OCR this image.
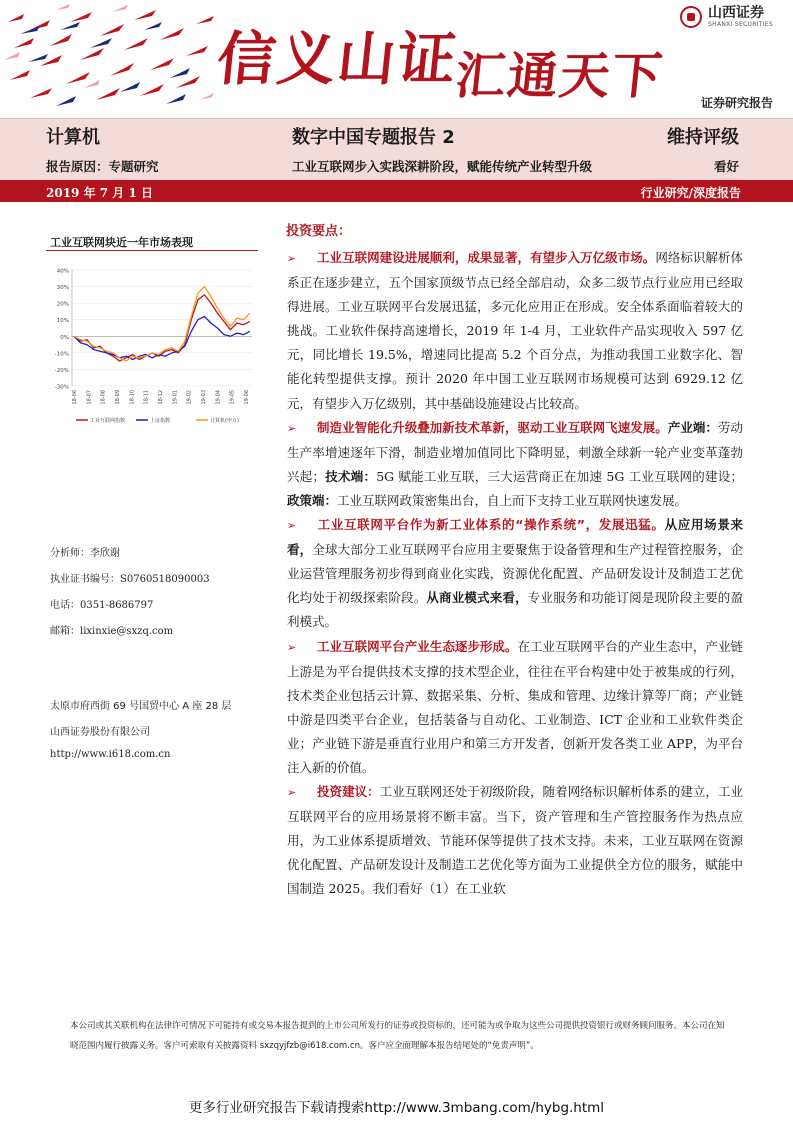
信义山证汇通天下
山西证券
SHANXI SECURITIES
证券研究报告
计算机	数字中国专题报告 2	维持评级
报告原因：专题研究	工业互联网步入实践深耕阶段，赋能传统产业转型升级	看好
2019 年 7 月 1 日	行业研究/深度报告
工业互联网块近一年市场表现
40%
30%
20%
10%
0%
-10%
-20%
-30%
18-06 18-07 18-08 18-09 18-10 18-11 18-12 19-01 19-02 19-03 19-04 19-05 19-06
工业互联网指数	上证指数	计算机(申万)
分析师：李欣谢
执业证书编号：S0760518090003
电话：0351-8686797
邮箱：lixinxie@sxzq.com
太原市府西街 69 号国贸中心 A 座 28 层
山西证券股份有限公司
http://www.i618.com.cn
投资要点：
➢ 工业互联网建设进展顺利，成果显著，有望步入万亿级市场。网络标识解析体系正在逐步建立，五个国家顶级节点已经全部启动，众多二级节点行业应用已经取得进展。工业互联网平台发展迅猛，多元化应用正在形成。安全体系面临着较大的挑战。工业软件保持高速增长，2019 年 1-4 月，工业软件产品实现收入 597 亿元，同比增长 19.5%，增速同比提高 5.2 个百分点，为推动我国工业数字化、智能化转型提供支撑。预计 2020 年中国工业互联网市场规模可达到 6929.12 亿元，有望步入万亿级别，其中基础设施建设占比较高。
➢ 制造业智能化升级叠加新技术革新，驱动工业互联网飞速发展。产业端：劳动生产率增速逐年下滑，制造业增加值同比下降明显，刺激全球新一轮产业变革蓬勃兴起；技术端：5G 赋能工业互联，三大运营商正在加速 5G 工业互联网的建设；政策端：工业互联网政策密集出台，自上而下支持工业互联网快速发展。
➢ 工业互联网平台作为新工业体系的“操作系统”，发展迅猛。从应用场景来看，全球大部分工业互联网平台应用主要聚焦于设备管理和生产过程管控服务，企业运营管理服务初步得到商业化实践，资源优化配置、产品研发设计及制造工艺优化均处于初级探索阶段。从商业模式来看，专业服务和功能订阅是现阶段主要的盈利模式。
➢ 工业互联网平台产业生态逐步形成。在工业互联网平台的产业生态中，产业链上游是为平台提供技术支撑的技术型企业，往往在平台构建中处于被集成的行列，技术类企业包括云计算、数据采集、分析、集成和管理、边缘计算等厂商；产业链中游是四类平台企业，包括装备与自动化、工业制造、ICT 企业和工业软件类企业；产业链下游是垂直行业用户和第三方开发者，创新开发各类工业 APP，为平台注入新的价值。
➢ 投资建议：工业互联网还处于初级阶段，随着网络标识解析体系的建立，工业互联网平台的应用场景将不断丰富。当下，资产管理和生产管控服务作为热点应用，为工业体系提质增效、节能环保等提供了技术支持。未来，工业互联网在资源优化配置、产品研发设计及制造工艺优化等方面为工业提供全方位的服务，赋能中国制造 2025。我们看好（1）在工业软
本公司或其关联机构在法律许可情况下可能持有或交易本报告提到的上市公司所发行的证券或投资标的，还可能为或争取为这些公司提供投资银行或财务顾问服务。本公司在知晓范围内履行披露义务。客户可索取有关披露资料 sxzqyjfzb@i618.com.cn。客户应全面理解本报告结尾处的“免责声明”。
更多行业研究报告下载请搜索http://www.3mbang.com/hybg.html
